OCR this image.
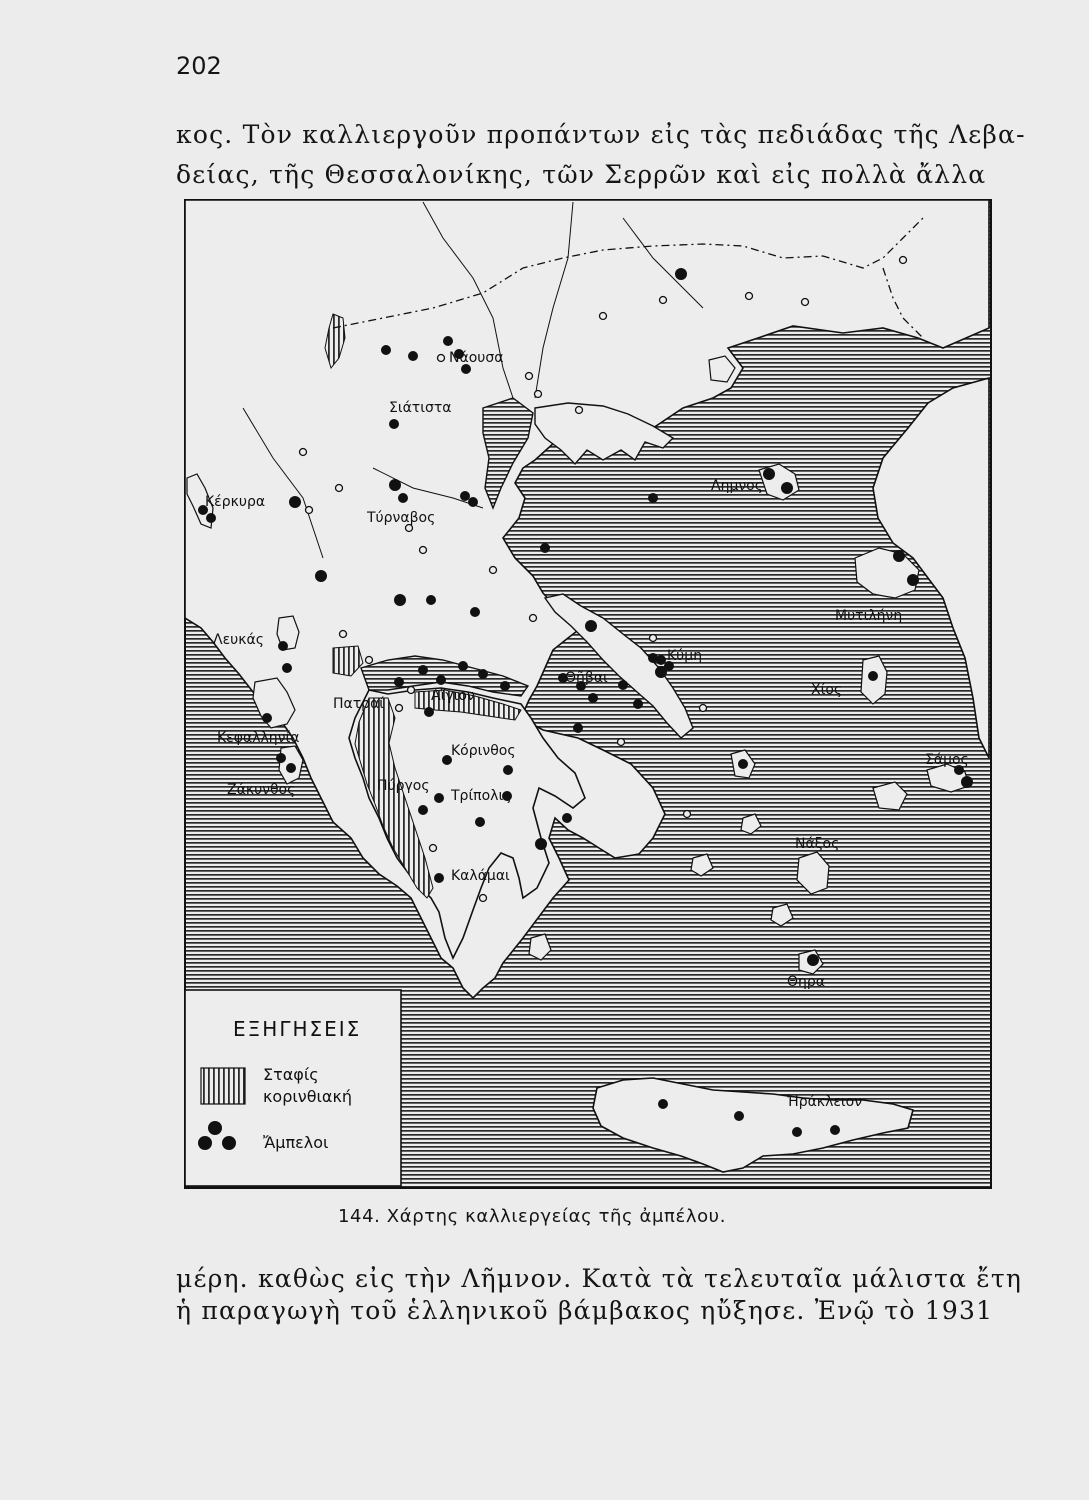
202
κος. Τὸν καλλιεργοῦν προπάντων εἰς τὰς πεδιάδας τῆς Λεβα-
δείας, τῆς Θεσσαλονίκης, τῶν Σερρῶν καὶ εἰς πολλὰ ἄλλα
Νάουσα
Σιάτιστα
Κέρκυρα
Τύρναβος
Λημνος
Μυτιλήνη
Λευκάς
Κύμη
Θῆβαι
Χίος
Πατραί	Αἴγιον
Κεφαλληνία
Κόρινθος
Σάμος
Ζάκυνθος	Πύργος
Τρίπολις
Νάξος
Καλάμαι
Θηρα
Ἡράκλειον
ΕΞΗΓΗΣΕΙΣ
Σταφίς
κορινθιακή
Ἄμπελοι
144. Χάρτης καλλιεργείας τῆς ἀμπέλου.
μέρη. καθὼς εἰς τὴν Λῆμνον. Κατὰ τὰ τελευταῖα μάλιστα ἔτη
ἡ παραγωγὴ τοῦ ἑλληνικοῦ βάμβακος ηὔξησε. Ἐνῷ τὸ 1931
